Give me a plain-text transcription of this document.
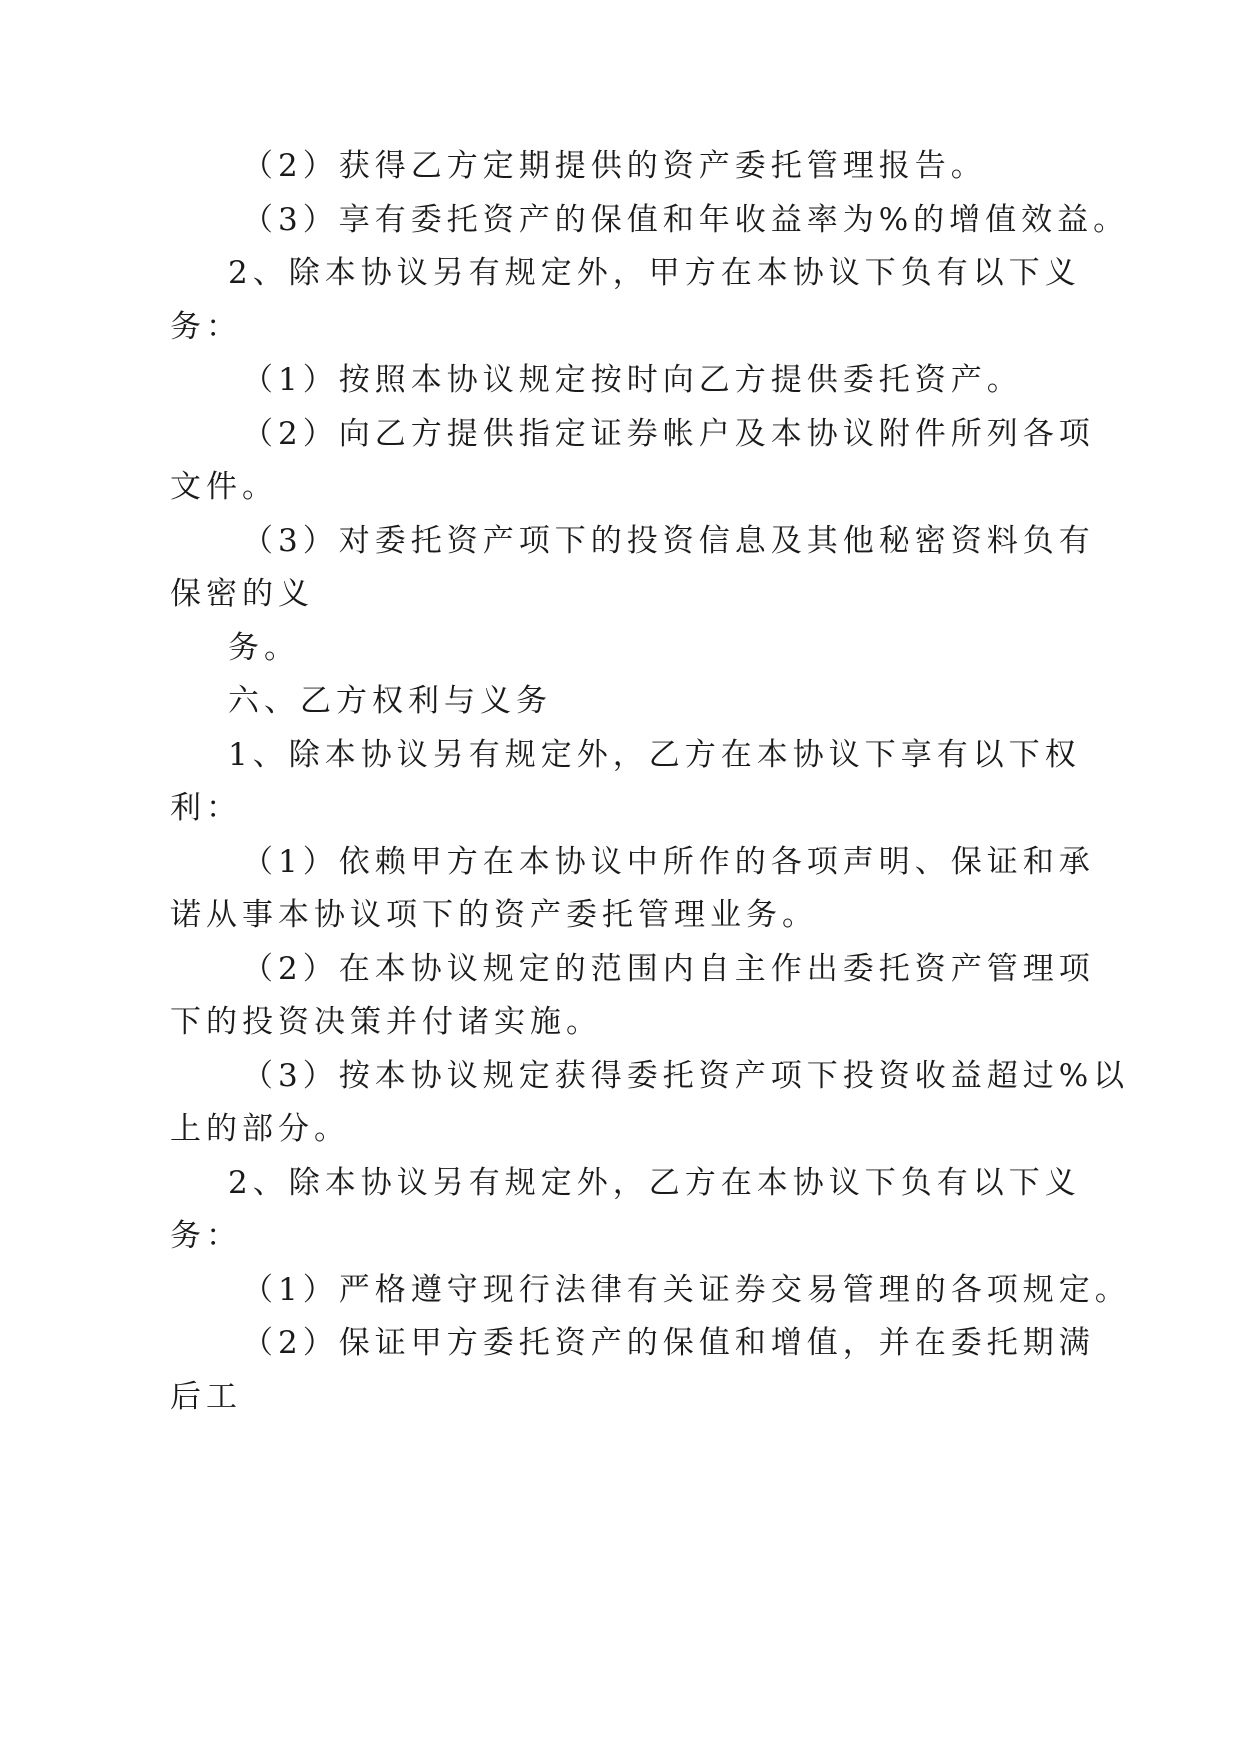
（2）获得乙方定期提供的资产委托管理报告。
（3）享有委托资产的保值和年收益率为%的增值效益。
2、除本协议另有规定外，甲方在本协议下负有以下义
务：
（1）按照本协议规定按时向乙方提供委托资产。
（2）向乙方提供指定证券帐户及本协议附件所列各项
文件。
（3）对委托资产项下的投资信息及其他秘密资料负有
保密的义
务。
六、乙方权利与义务
1、除本协议另有规定外，乙方在本协议下享有以下权
利：
（1）依赖甲方在本协议中所作的各项声明、保证和承
诺从事本协议项下的资产委托管理业务。
（2）在本协议规定的范围内自主作出委托资产管理项
下的投资决策并付诸实施。
（3）按本协议规定获得委托资产项下投资收益超过%以
上的部分。
2、除本协议另有规定外，乙方在本协议下负有以下义
务：
（1）严格遵守现行法律有关证券交易管理的各项规定。
（2）保证甲方委托资产的保值和增值，并在委托期满
后工
